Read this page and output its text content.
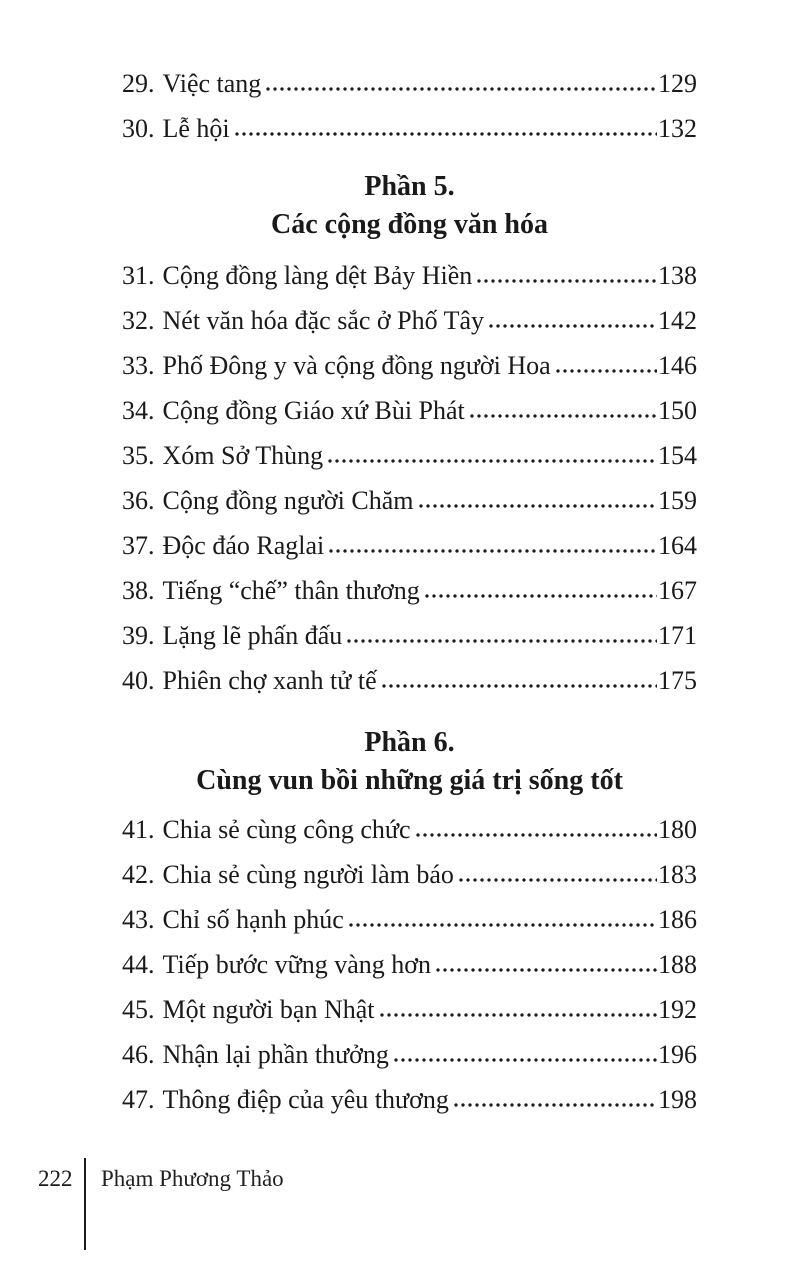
29. Việc tang	129
30. Lễ hội	132
Phần 5.
Các cộng đồng văn hóa
31. Cộng đồng làng dệt Bảy Hiền	138
32. Nét văn hóa đặc sắc ở Phố Tây	142
33. Phố Đông y và cộng đồng người Hoa	146
34. Cộng đồng Giáo xứ Bùi Phát	150
35. Xóm Sở Thùng	154
36. Cộng đồng người Chăm	159
37. Độc đáo Raglai	164
38. Tiếng “chế” thân thương	167
39. Lặng lẽ phấn đấu	171
40. Phiên chợ xanh tử tế	175
Phần 6.
Cùng vun bồi những giá trị sống tốt
41. Chia sẻ cùng công chức	180
42. Chia sẻ cùng người làm báo	183
43. Chỉ số hạnh phúc	186
44. Tiếp bước vững vàng hơn	188
45. Một người bạn Nhật	192
46. Nhận lại phần thưởng	196
47. Thông điệp của yêu thương	198
222 Phạm Phương Thảo
